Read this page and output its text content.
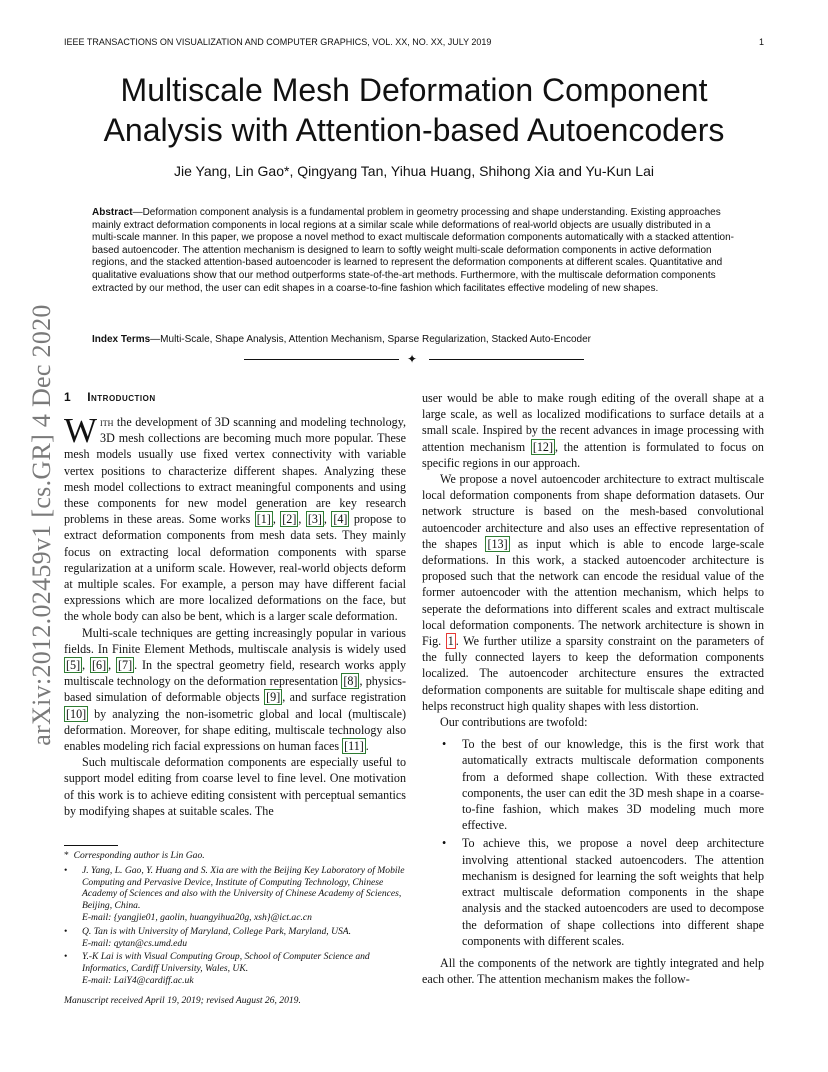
IEEE TRANSACTIONS ON VISUALIZATION AND COMPUTER GRAPHICS, VOL. XX, NO. XX, JULY 2019	1
Multiscale Mesh Deformation Component
Analysis with Attention-based Autoencoders
Jie Yang, Lin Gao*, Qingyang Tan, Yihua Huang, Shihong Xia and Yu-Kun Lai
Abstract—Deformation component analysis is a fundamental problem in geometry processing and shape understanding. Existing approaches mainly extract deformation components in local regions at a similar scale while deformations of real-world objects are usually distributed in a multi-scale manner. In this paper, we propose a novel method to exact multiscale deformation components automatically with a stacked attention-based autoencoder. The attention mechanism is designed to learn to softly weight multi-scale deformation components in active deformation regions, and the stacked attention-based autoencoder is learned to represent the deformation components at different scales. Quantitative and qualitative evaluations show that our method outperforms state-of-the-art methods. Furthermore, with the multiscale deformation components extracted by our method, the user can edit shapes in a coarse-to-fine fashion which facilitates effective modeling of new shapes.
Index Terms—Multi-Scale, Shape Analysis, Attention Mechanism, Sparse Regularization, Stacked Auto-Encoder
✦
1 Introduction

With the development of 3D scanning and modeling technology, 3D mesh collections are becoming much more popular. These mesh models usually use fixed vertex connectivity with variable vertex positions to characterize different shapes. Analyzing these mesh model collections to extract meaningful components and using these components for new model generation are key research problems in these areas. Some works [1] , [2] , [3] , [4] propose to extract deformation components from mesh data sets. They mainly focus on extracting local deformation components with sparse regularization at a uniform scale. However, real-world objects deform at multiple scales. For example, a person may have different facial expressions which are more localized deformations on the face, but the whole body can also be bent, which is a larger scale deformation.

Multi-scale techniques are getting increasingly popular in various fields. In Finite Element Methods, multiscale analysis is widely used [5] , [6] , [7] . In the spectral geometry field, research works apply multiscale technology on the deformation representation [8] , physics-based simulation of deformable objects [9] , and surface registration [10] by analyzing the non-isometric global and local (multiscale) deformation. Moreover, for shape editing, multiscale technology also enables modeling rich facial expressions on human faces [11] .

Such multiscale deformation components are especially useful to support model editing from coarse level to fine level. One motivation of this work is to achieve editing consistent with perceptual semantics by modifying shapes at suitable scales. The

user would be able to make rough editing of the overall shape at a large scale, as well as localized modifications to surface details at a small scale. Inspired by the recent advances in image processing with attention mechanism [12] , the attention is formulated to focus on specific regions in our approach.

We propose a novel autoencoder architecture to extract multiscale local deformation components from shape deformation datasets. Our network structure is based on the mesh-based convolutional autoencoder architecture and also uses an effective representation of the shapes [13] as input which is able to encode large-scale deformations. In this work, a stacked autoencoder architecture is proposed such that the network can encode the residual value of the former autoencoder with the attention mechanism, which helps to seperate the deformations into different scales and extract multiscale local deformation components. The network architecture is shown in Fig. 1 . We further utilize a sparsity constraint on the parameters of the fully connected layers to keep the deformation components localized. The autoencoder architecture ensures the extracted deformation components are suitable for multiscale shape editing and helps reconstruct high quality shapes with less distortion.

Our contributions are twofold:

• To the best of our knowledge, this is the first work that automatically extracts multiscale deformation components from a deformed shape collection. With these extracted components, the user can edit the 3D mesh shape in a coarse-to-fine fashion, which makes 3D modeling much more effective.
• To achieve this, we propose a novel deep architecture involving attentional stacked autoencoders. The attention mechanism is designed for learning the soft weights that help extract multiscale deformation components in the shape analysis and the stacked autoencoders are used to decompose the deformation of shape collections into different shape components with different scales.

All the components of the network are tightly integrated and help each other. The attention mechanism makes the follow-

* Corresponding author is Lin Gao.
• J. Yang, L. Gao, Y. Huang and S. Xia are with the Beijing Key Laboratory of Mobile Computing and Pervasive Device, Institute of Computing Technology, Chinese Academy of Sciences and also with the University of Chinese Academy of Sciences, Beijing, China.
E-mail: {yangjie01, gaolin, huangyihua20g, xsh}@ict.ac.cn
• Q. Tan is with University of Maryland, College Park, Maryland, USA.
E-mail: qytan@cs.umd.edu
• Y.-K Lai is with Visual Computing Group, School of Computer Science and Informatics, Cardiff University, Wales, UK.
E-mail: LaiY4@cardiff.ac.uk
Manuscript received April 19, 2019; revised August 26, 2019.
arXiv:2012.02459v1 [cs.GR] 4 Dec 2020
